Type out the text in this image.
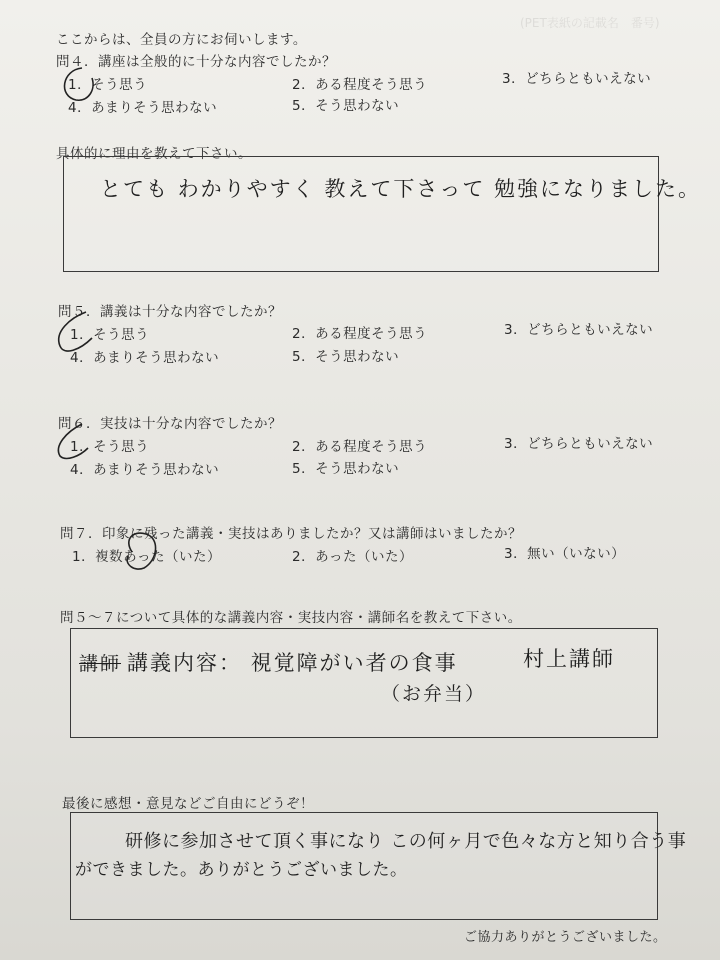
(PET表紙の記載名　番号)
ここからは、全員の方にお伺いします。
問４．講座は全般的に十分な内容でしたか？
1．そう思う	2．ある程度そう思う	3．どちらともいえない
4．あまりそう思わない	5．そう思わない
具体的に理由を教えて下さい。
とても わかりやすく 教えて下さって 勉強になりました。
問５．講義は十分な内容でしたか？
1．そう思う	2．ある程度そう思う	3．どちらともいえない
4．あまりそう思わない	5．そう思わない
問６．実技は十分な内容でしたか？
1．そう思う	2．ある程度そう思う	3．どちらともいえない
4．あまりそう思わない	5．そう思わない
問７．印象に残った講義・実技はありましたか？又は講師はいましたか？
1．複数あった（いた）	2．あった（いた）	3．無い（いない）
問５～７について具体的な講義内容・実技内容・講師名を教えて下さい。
講師 講義内容： 視覚障がい者の食事	村上講師
（お弁当）
最後に感想・意見などご自由にどうぞ！
研修に参加させて頂く事になり この何ヶ月で色々な方と知り合う事
ができました。ありがとうございました。
ご協力ありがとうございました。
